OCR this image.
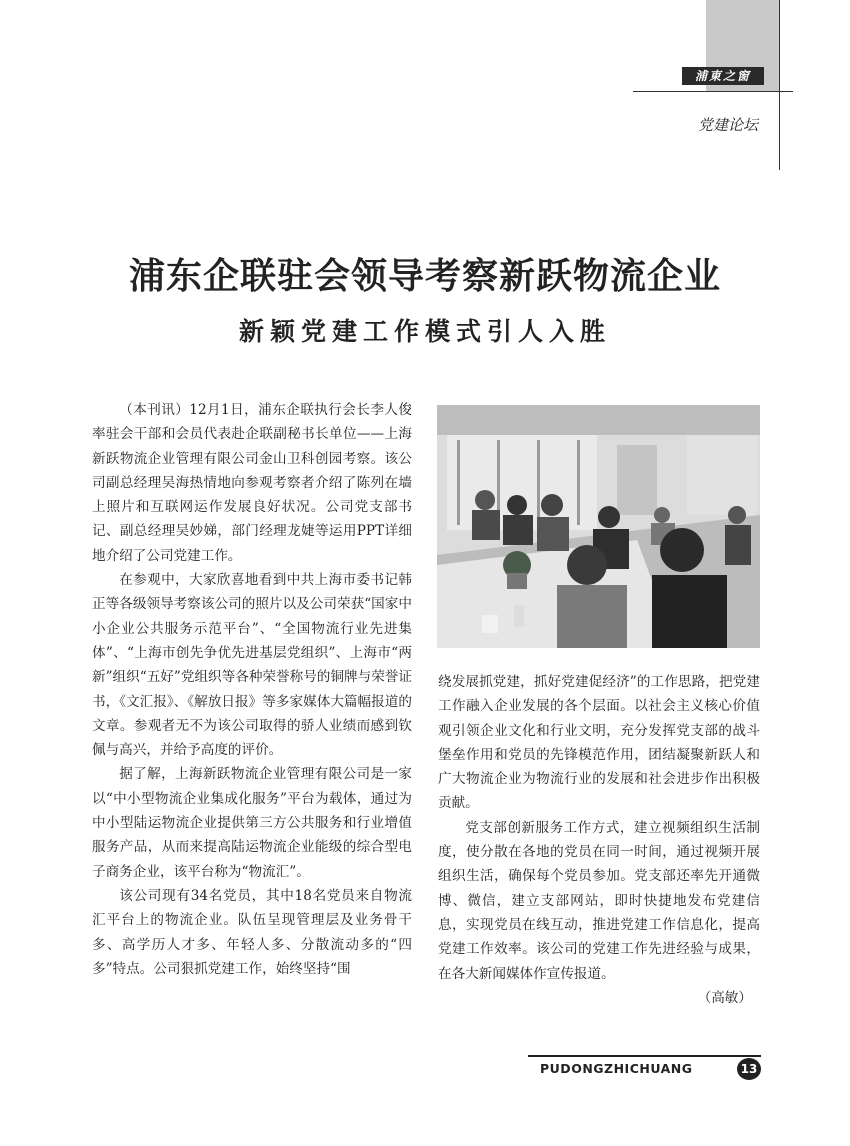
浦東之窗
党建论坛
浦东企联驻会领导考察新跃物流企业
新颖党建工作模式引人入胜

（本刊讯）12月1日，浦东企联执行会长李人俊率驻会干部和会员代表赴企联副秘书长单位——上海新跃物流企业管理有限公司金山卫科创园考察。该公司副总经理吴海热情地向参观考察者介绍了陈列在墙上照片和互联网运作发展良好状况。公司党支部书记、副总经理吴妙娣，部门经理龙婕等运用PPT详细地介绍了公司党建工作。

在参观中，大家欣喜地看到中共上海市委书记韩正等各级领导考察该公司的照片以及公司荣获“国家中小企业公共服务示范平台”、“全国物流行业先进集体”、“上海市创先争优先进基层党组织”、上海市“两新”组织“五好”党组织等各种荣誉称号的铜牌与荣誉证书，《文汇报》、《解放日报》等多家媒体大篇幅报道的文章。参观者无不为该公司取得的骄人业绩而感到钦佩与高兴，并给予高度的评价。

据了解，上海新跃物流企业管理有限公司是一家以“中小型物流企业集成化服务”平台为载体，通过为中小型陆运物流企业提供第三方公共服务和行业增值服务产品，从而来提高陆运物流企业能级的综合型电子商务企业，该平台称为“物流汇”。

该公司现有34名党员，其中18名党员来自物流汇平台上的物流企业。队伍呈现管理层及业务骨干多、高学历人才多、年轻人多、分散流动多的“四多”特点。公司狠抓党建工作，始终坚持“围

绕发展抓党建，抓好党建促经济”的工作思路，把党建工作融入企业发展的各个层面。以社会主义核心价值观引领企业文化和行业文明，充分发挥党支部的战斗堡垒作用和党员的先锋模范作用，团结凝聚新跃人和广大物流企业为物流行业的发展和社会进步作出积极贡献。

党支部创新服务工作方式，建立视频组织生活制度，使分散在各地的党员在同一时间，通过视频开展组织生活，确保每个党员参加。党支部还率先开通微博、微信，建立支部网站，即时快捷地发布党建信息，实现党员在线互动，推进党建工作信息化，提高党建工作效率。该公司的党建工作先进经验与成果，在各大新闻媒体作宣传报道。

（高敏）

PUDONGZHICHUANG	13
